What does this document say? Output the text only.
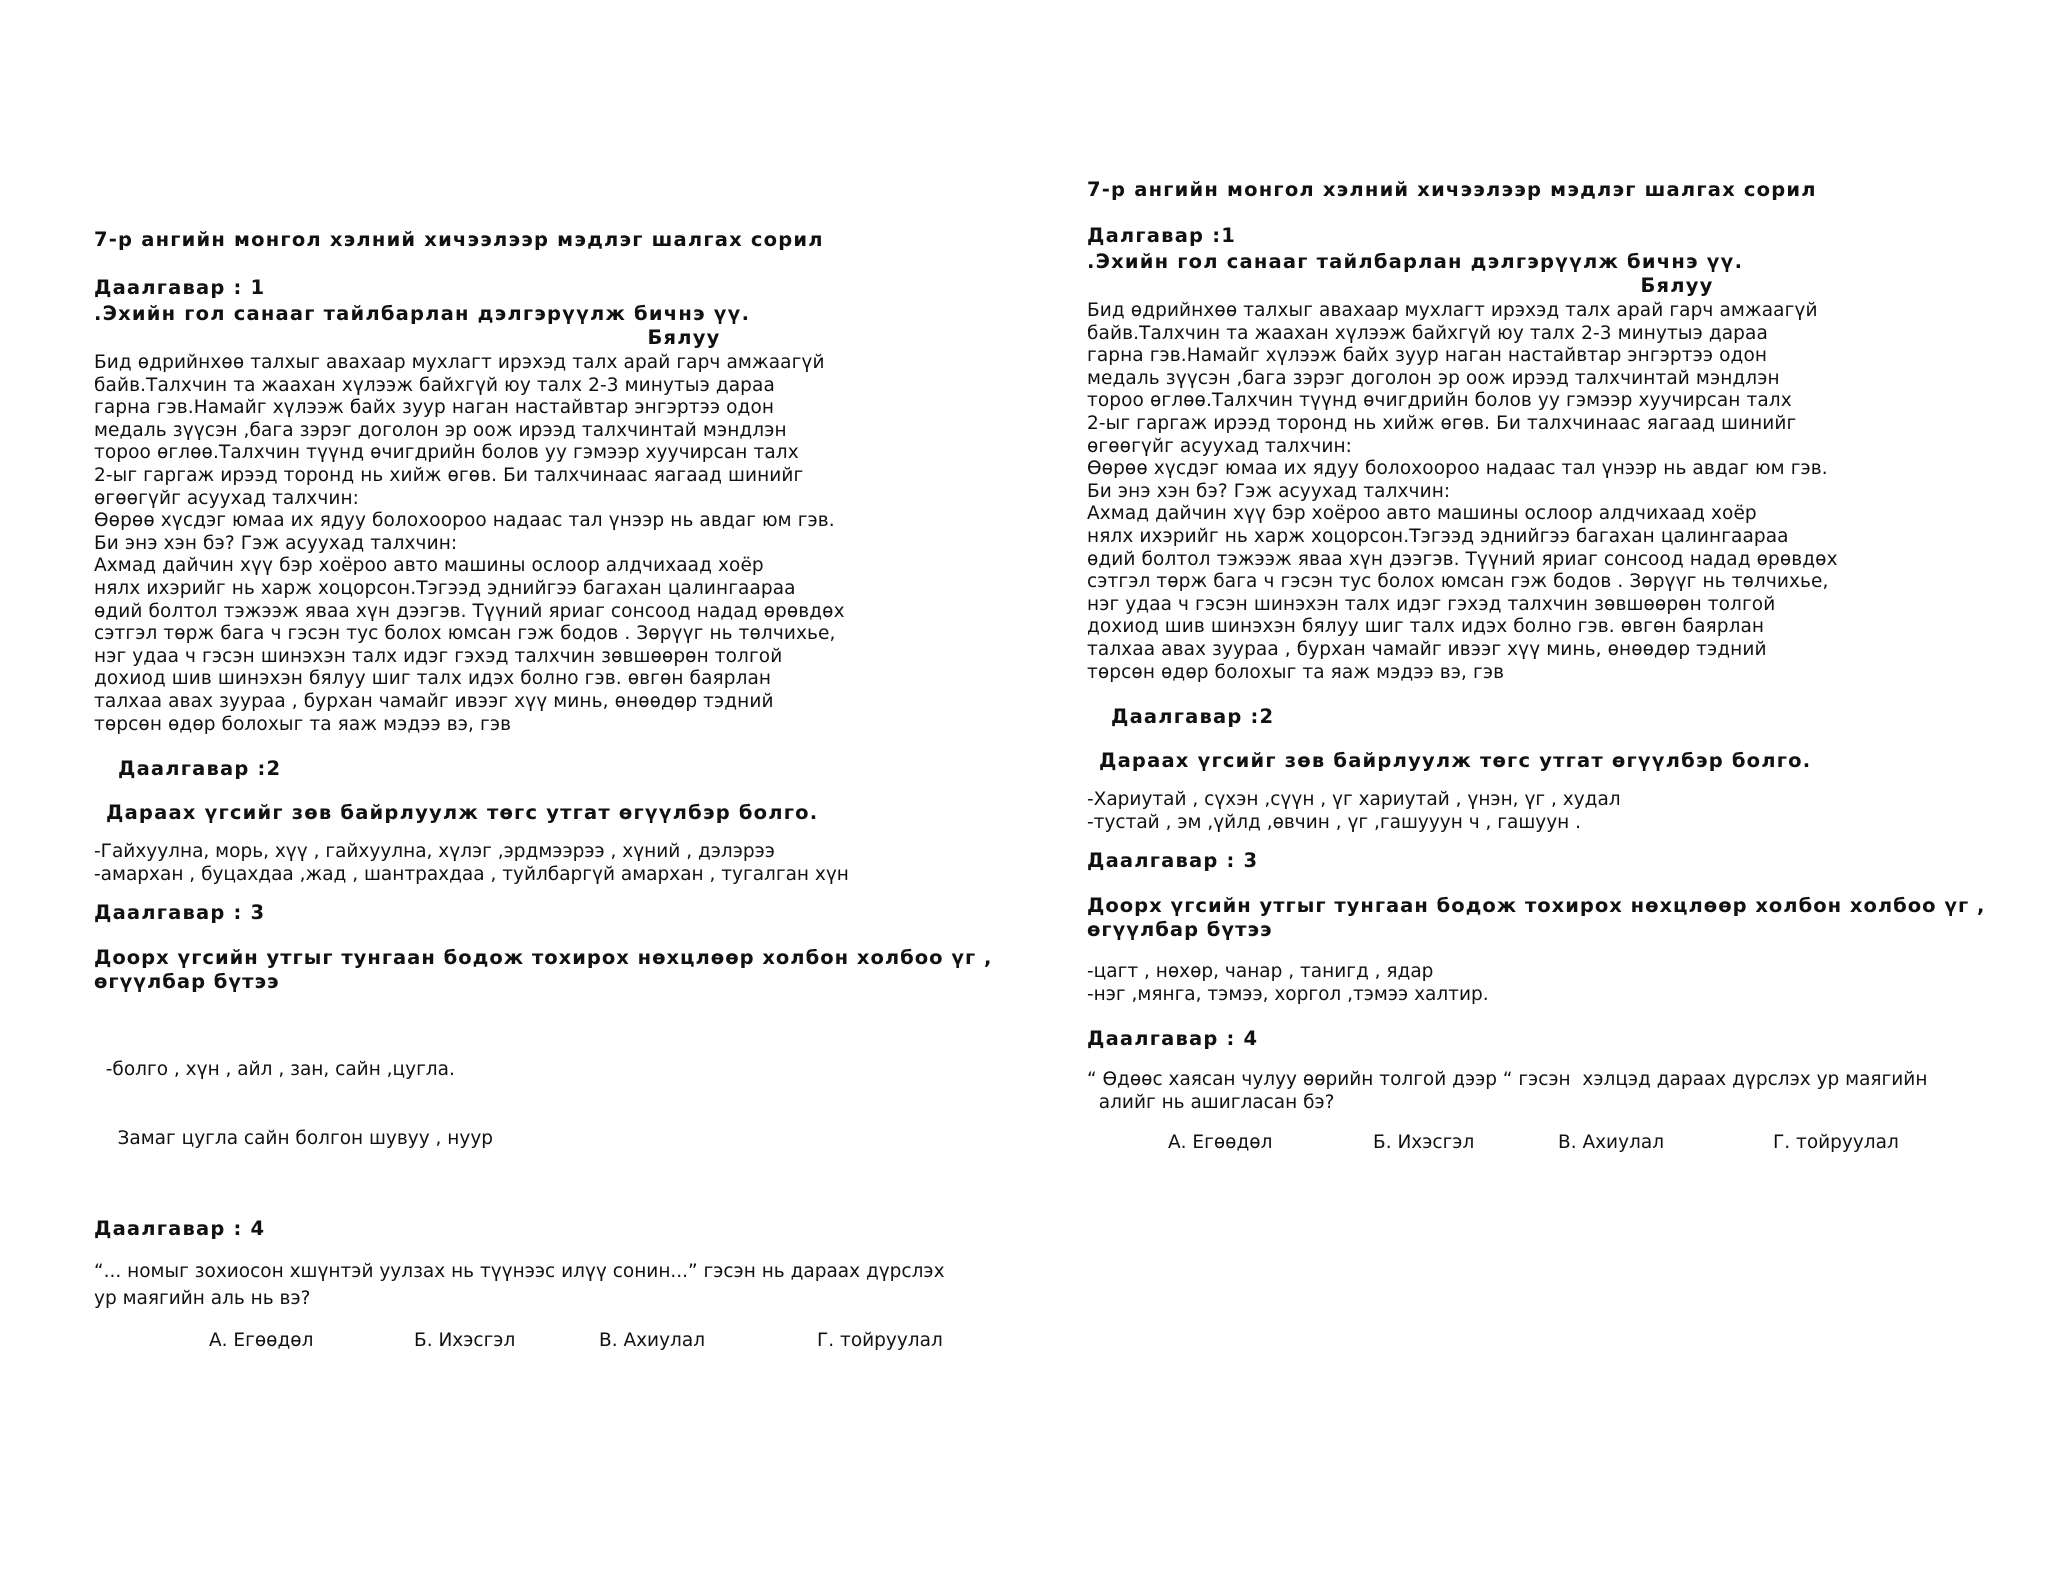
7-р ангийн монгол хэлний хичээлээр мэдлэг шалгах сорил
Даалгавар : 1
.Эхийн гол санааг тайлбарлан дэлгэрүүлж бичнэ үү.
Бялуу
Бид өдрийнхөө талхыг авахаар мухлагт ирэхэд талх арай гарч амжаагүй
байв.Талхчин та жаахан хүлээж байхгүй юу талх 2-3 минутыэ дараа
гарна гэв.Намайг хүлээж байх зуур наган настайвтар энгэртээ одон
медаль зүүсэн ,бага зэрэг доголон эр оож ирээд талхчинтай мэндлэн
тороо өглөө.Талхчин түүнд өчигдрийн болов уу гэмээр хуучирсан талх
2-ыг гаргаж ирээд торонд нь хийж өгөв. Би талхчинаас яагаад шинийг
өгөөгүйг асуухад талхчин:
Өөрөө хүсдэг юмаа их ядуу болохоороо надаас тал үнээр нь авдаг юм гэв.
Би энэ хэн бэ? Гэж асуухад талхчин:
Ахмад дайчин хүү бэр хоёроо авто машины ослоор алдчихаад хоёр
нялх ихэрийг нь харж хоцорсон.Тэгээд эднийгээ багахан цалингаараа
өдий болтол тэжээж яваа хүн дээгэв. Түүний яриаг сонсоод надад өрөвдөх
сэтгэл төрж бага ч гэсэн тус болох юмсан гэж бодов . Зөрүүг нь төлчихье,
нэг удаа ч гэсэн шинэхэн талх идэг гэхэд талхчин зөвшөөрөн толгой
дохиод шив шинэхэн бялуу шиг талх идэх болно гэв. өвгөн баярлан
талхаа авах зуураа , бурхан чамайг ивээг хүү минь, өнөөдөр тэдний
төрсөн өдөр болохыг та яаж мэдээ вэ, гэв
Даалгавар :2
Дараах үгсийг зөв байрлуулж төгс утгат өгүүлбэр болго.
-Гайхуулна, морь, хүү , гайхуулна, хүлэг ,эрдмээрээ , хүний , дэлэрээ
-амархан , буцахдаа ,жад , шантрахдаа , туйлбаргүй амархан , тугалган хүн
Даалгавар : 3
Доорх үгсийн утгыг тунгаан бодож тохирох нөхцлөөр холбон холбоо үг ,
өгүүлбар бүтээ

-болго , хүн , айл , зан, сайн ,цугла.

Замаг цугла сайн болгон шувуу , нуур

Даалгавар : 4
“... номыг зохиосон хшүнтэй уулзах нь түүнээс илүү сонин...” гэсэн нь дараах дүрслэх
ур маягийн аль нь вэ?
А. Егөөдөл	Б. Ихэсгэл	В. Ахиулал	Г. тойруулал
7-р ангийн монгол хэлний хичээлээр мэдлэг шалгах сорил
Далгавар :1
.Эхийн гол санааг тайлбарлан дэлгэрүүлж бичнэ үү.
Бялуу
Бид өдрийнхөө талхыг авахаар мухлагт ирэхэд талх арай гарч амжаагүй
байв.Талхчин та жаахан хүлээж байхгүй юу талх 2-3 минутыэ дараа
гарна гэв.Намайг хүлээж байх зуур наган настайвтар энгэртээ одон
медаль зүүсэн ,бага зэрэг доголон эр оож ирээд талхчинтай мэндлэн
тороо өглөө.Талхчин түүнд өчигдрийн болов уу гэмээр хуучирсан талх
2-ыг гаргаж ирээд торонд нь хийж өгөв. Би талхчинаас яагаад шинийг
өгөөгүйг асуухад талхчин:
Өөрөө хүсдэг юмаа их ядуу болохоороо надаас тал үнээр нь авдаг юм гэв.
Би энэ хэн бэ? Гэж асуухад талхчин:
Ахмад дайчин хүү бэр хоёроо авто машины ослоор алдчихаад хоёр
нялх ихэрийг нь харж хоцорсон.Тэгээд эднийгээ багахан цалингаараа
өдий болтол тэжээж яваа хүн дээгэв. Түүний яриаг сонсоод надад өрөвдөх
сэтгэл төрж бага ч гэсэн тус болох юмсан гэж бодов . Зөрүүг нь төлчихье,
нэг удаа ч гэсэн шинэхэн талх идэг гэхэд талхчин зөвшөөрөн толгой
дохиод шив шинэхэн бялуу шиг талх идэх болно гэв. өвгөн баярлан
талхаа авах зуураа , бурхан чамайг ивээг хүү минь, өнөөдөр тэдний
төрсөн өдөр болохыг та яаж мэдээ вэ, гэв
Даалгавар :2
Дараах үгсийг зөв байрлуулж төгс утгат өгүүлбэр болго.
-Хариутай , сүхэн ,сүүн , үг хариутай , үнэн, үг , худал
-тустай , эм ,үйлд ,өвчин , үг ,гашууун ч , гашуун .
Даалгавар : 3
Доорх үгсийн утгыг тунгаан бодож тохирох нөхцлөөр холбон холбоо үг ,
өгүүлбар бүтээ
-цагт , нөхөр, чанар , танигд , ядар
-нэг ,мянга, тэмээ, хоргол ,тэмээ халтир.
Даалгавар : 4
“ Өдөөс хаясан чулуу өөрийн толгой дээр “ гэсэн  хэлцэд дараах дүрслэх ур маягийн
алийг нь ашигласан бэ?
А. Егөөдөл	Б. Ихэсгэл	В. Ахиулал	Г. тойруулал
